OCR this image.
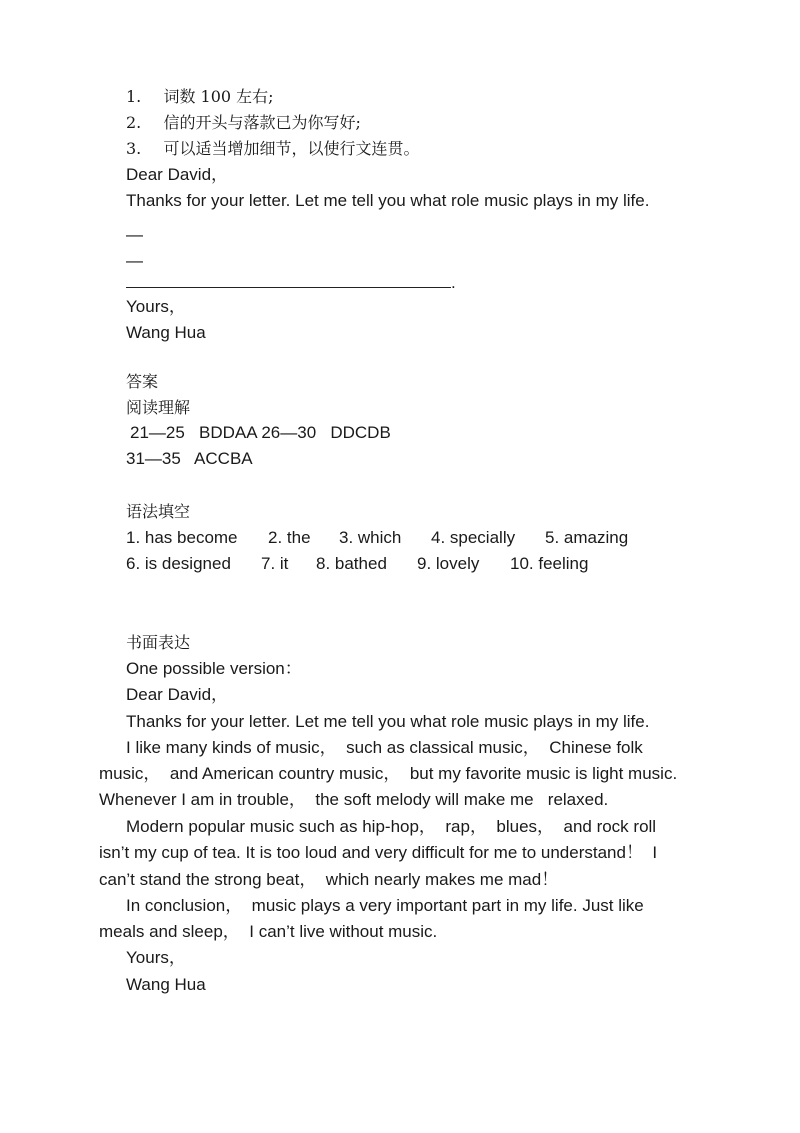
1. 词数 100 左右;
2. 信的开头与落款已为你写好;
3. 可以适当增加细节，以使行文连贯。
Dear David，
Thanks for your letter. Let me tell you what role music plays in my life.
—
—
.
Yours，
Wang Hua
答案
阅读理解
21—25   BDDAA 26—30   DDCDB
31—35   ACCBA
语法填空
1. has become 2. the 3. which 4. specially 5. amazing
6. is designed 7. it 8. bathed 9. lovely 10. feeling
书面表达
One possible version：
Dear David，
Thanks for your letter. Let me tell you what role music plays in my life.
I like many kinds of music，  such as classical music，  Chinese folk
music，  and American country music，  but my favorite music is light music.
Whenever I am in trouble，  the soft melody will make me   relaxed.
Modern popular music such as hip-hop，  rap，  blues，  and rock roll
isn’t my cup of tea. It is too loud and very difficult for me to understand！  I
can’t stand the strong beat，  which nearly makes me mad！
In conclusion，  music plays a very important part in my life. Just like
meals and sleep，  I can’t live without music.
Yours，
Wang Hua
